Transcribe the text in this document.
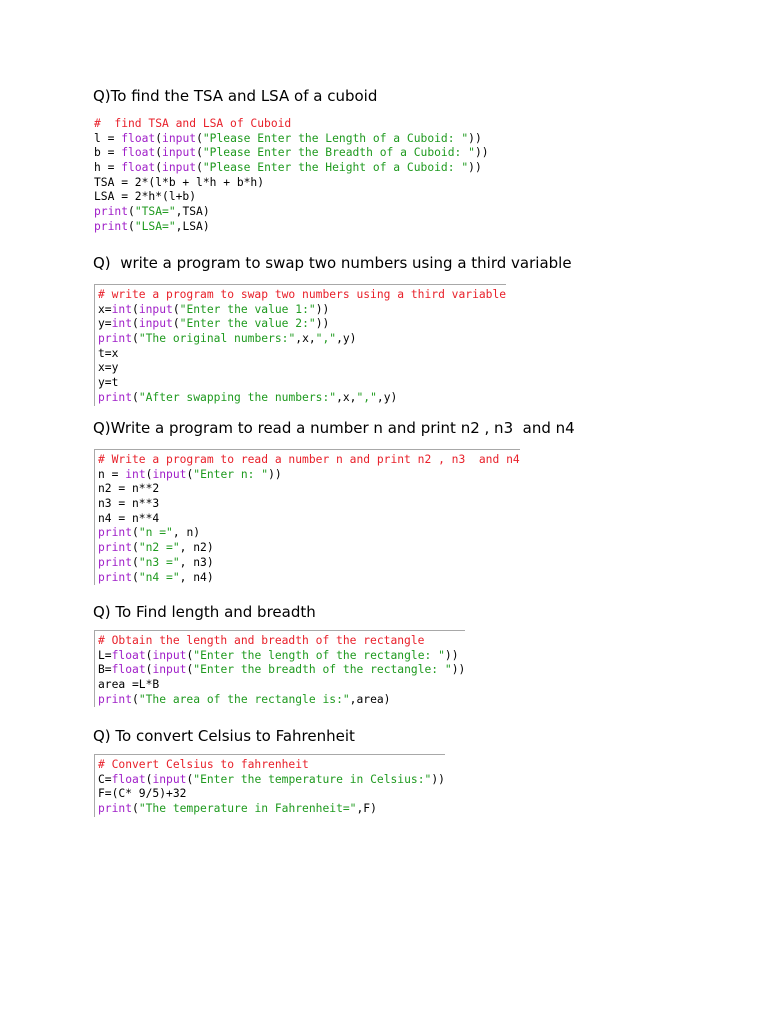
Q)To find the TSA and LSA of a cuboid
#  find TSA and LSA of Cuboid
l = float(input("Please Enter the Length of a Cuboid: "))
b = float(input("Please Enter the Breadth of a Cuboid: "))
h = float(input("Please Enter the Height of a Cuboid: "))
TSA = 2*(l*b + l*h + b*h)
LSA = 2*h*(l+b)
print("TSA=",TSA)
print("LSA=",LSA)
Q)  write a program to swap two numbers using a third variable
# write a program to swap two numbers using a third variable
x=int(input("Enter the value 1:"))
y=int(input("Enter the value 2:"))
print("The original numbers:",x,",",y)
t=x
x=y
y=t
print("After swapping the numbers:",x,",",y)
Q)Write a program to read a number n and print n2 , n3  and n4
# Write a program to read a number n and print n2 , n3  and n4
n = int(input("Enter n: "))
n2 = n**2
n3 = n**3
n4 = n**4
print("n =", n)
print("n2 =", n2)
print("n3 =", n3)
print("n4 =", n4)
Q) To Find length and breadth
# Obtain the length and breadth of the rectangle
L=float(input("Enter the length of the rectangle: "))
B=float(input("Enter the breadth of the rectangle: "))
area =L*B
print("The area of the rectangle is:",area)
Q) To convert Celsius to Fahrenheit
# Convert Celsius to fahrenheit
C=float(input("Enter the temperature in Celsius:"))
F=(C* 9/5)+32
print("The temperature in Fahrenheit=",F)
